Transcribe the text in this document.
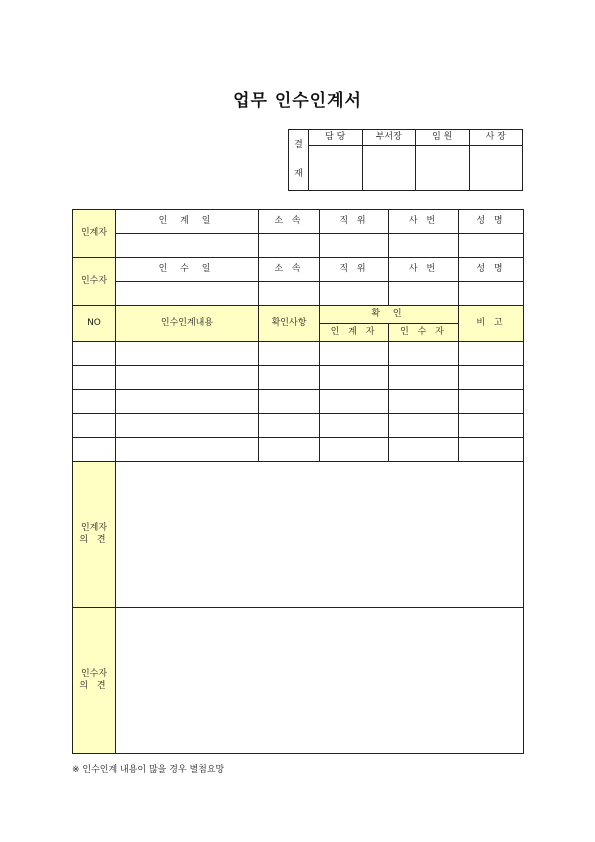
업무 인수인계서
결
재	담 당	부서장	임 원	사 장

인계자	인 계 일	소 속	직 위	사 번	성 명

인수자	인 수 일	소 속	직 위	사 번	성 명

NO	인수인계내용	확인사항	확 인		비 고
			인 계 자	인 수 자	

인계자
의 견					

인수자
의 견					

※ 인수인계 내용이 많을 경우 별첨요망
